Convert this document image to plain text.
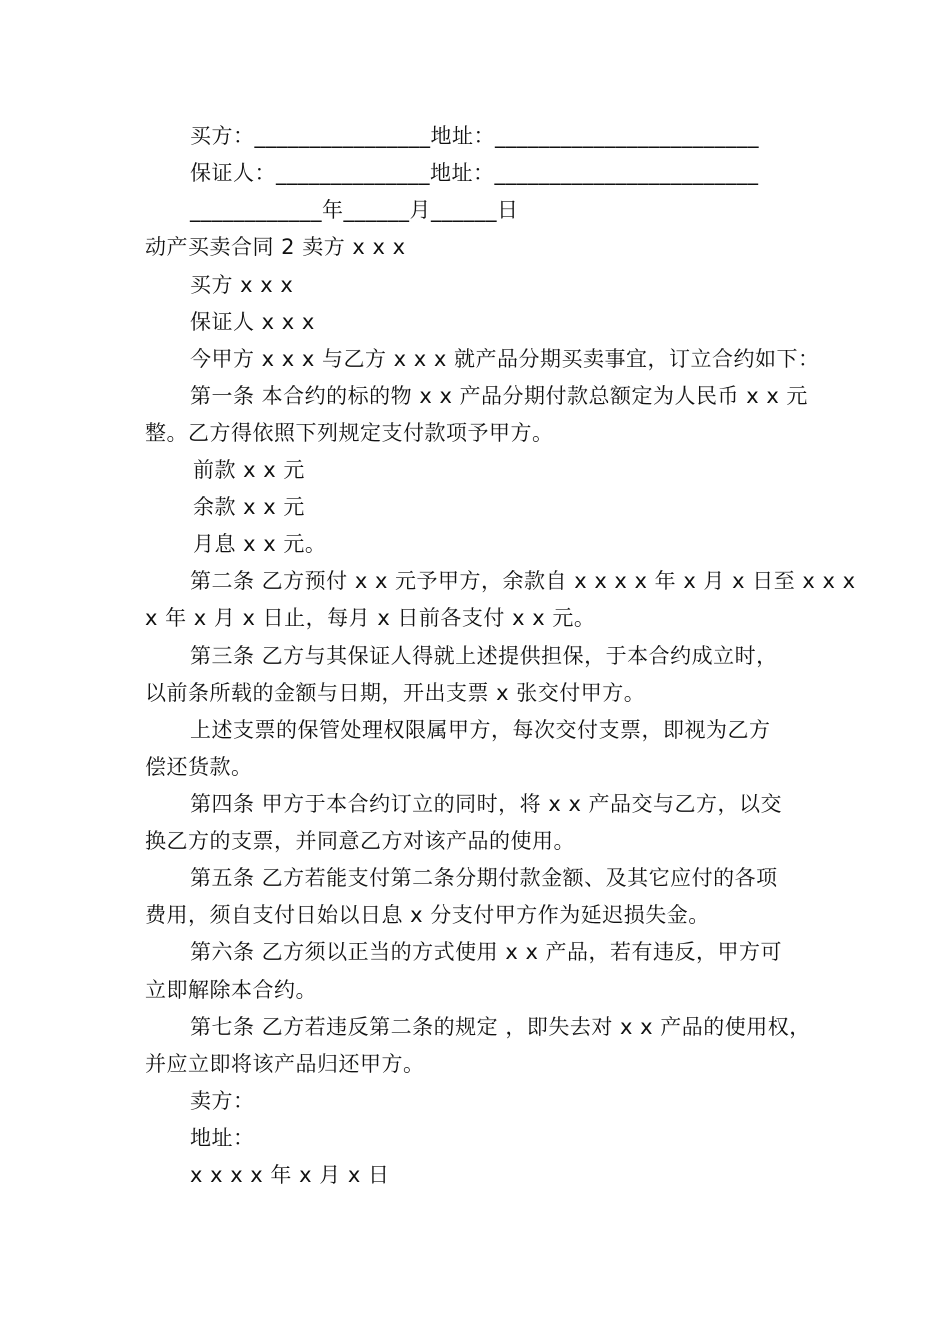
买方：________________地址：________________________
保证人：______________地址：________________________
____________年______月______日
动产买卖合同 2 卖方 x x x
买方 x x x
保证人 x x x
今甲方 x x x 与乙方 x x x 就产品分期买卖事宜，订立合约如下：
第一条 本合约的标的物 x x 产品分期付款总额定为人民币 x x 元
整。乙方得依照下列规定支付款项予甲方。
前款 x x 元
余款 x x 元
月息 x x 元。
第二条 乙方预付 x x 元予甲方，余款自 x x x x 年 x 月 x 日至 x x x
x 年 x 月 x 日止，每月 x 日前各支付 x x 元。
第三条 乙方与其保证人得就上述提供担保，于本合约成立时，
以前条所载的金额与日期，开出支票 x 张交付甲方。
上述支票的保管处理权限属甲方，每次交付支票，即视为乙方
偿还货款。
第四条 甲方于本合约订立的同时，将 x x 产品交与乙方，以交
换乙方的支票，并同意乙方对该产品的使用。
第五条 乙方若能支付第二条分期付款金额、及其它应付的各项
费用，须自支付日始以日息 x 分支付甲方作为延迟损失金。
第六条 乙方须以正当的方式使用 x x 产品，若有违反，甲方可
立即解除本合约。
第七条 乙方若违反第二条的规定 ，即失去对 x x 产品的使用权，
并应立即将该产品归还甲方。
卖方：
地址：
x x x x 年 x 月 x 日
